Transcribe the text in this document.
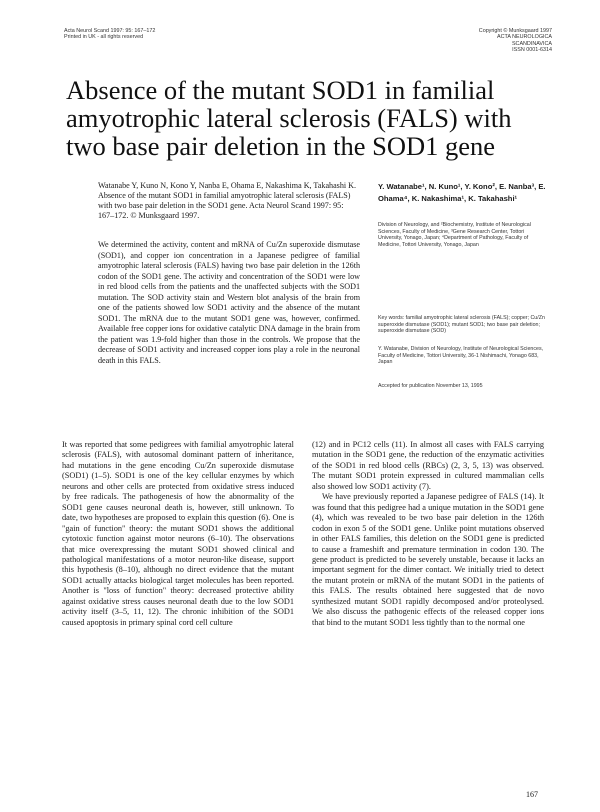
Acta Neurol Scand 1997: 95: 167–172
Printed in UK - all rights reserved
Copyright © Munksgaard 1997
ACTA NEUROLOGICA
SCANDINAVICA
ISSN 0001-6314
Absence of the mutant SOD1 in familial amyotrophic lateral sclerosis (FALS) with two base pair deletion in the SOD1 gene
Watanabe Y, Kuno N, Kono Y, Nanba E, Ohama E, Nakashima K, Takahashi K. Absence of the mutant SOD1 in familial amyotrophic lateral sclerosis (FALS) with two base pair deletion in the SOD1 gene. Acta Neurol Scand 1997: 95: 167–172. © Munksgaard 1997.
We determined the activity, content and mRNA of Cu/Zn superoxide dismutase (SOD1), and copper ion concentration in a Japanese pedigree of familial amyotrophic lateral sclerosis (FALS) having two base pair deletion in the 126th codon of the SOD1 gene. The activity and concentration of the SOD1 were low in red blood cells from the patients and the unaffected subjects with the SOD1 mutation. The SOD activity stain and Western blot analysis of the brain from one of the patients showed low SOD1 activity and the absence of the mutant SOD1. The mRNA due to the mutant SOD1 gene was, however, confirmed. Available free copper ions for oxidative catalytic DNA damage in the brain from the patient was 1.9-fold higher than those in the controls. We propose that the decrease of SOD1 activity and increased copper ions play a role in the neuronal death in this FALS.
Y. Watanabe¹, N. Kuno¹, Y. Kono², E. Nanba³, E. Ohama⁴, K. Nakashima¹, K. Takahashi¹
Division of Neurology, and ²Biochemistry, Institute of Neurological Sciences, Faculty of Medicine, ³Gene Research Center, Tottori University, Yonago, Japan; ⁴Department of Pathology, Faculty of Medicine, Tottori University, Yonago, Japan
Key words: familial amyotrophic lateral sclerosis (FALS); copper; Cu/Zn superoxide dismutase (SOD1); mutant SOD1; two base pair deletion; superoxide dismutase (SOD)
Y. Watanabe, Division of Neurology, Institute of Neurological Sciences, Faculty of Medicine, Tottori University, 36-1 Nishimachi, Yonago 683, Japan
Accepted for publication November 13, 1995

It was reported that some pedigrees with familial amyotrophic lateral sclerosis (FALS), with autosomal dominant pattern of inheritance, had mutations in the gene encoding Cu/Zn superoxide dismutase (SOD1) (1–5). SOD1 is one of the key cellular enzymes by which neurons and other cells are protected from oxidative stress induced by free radicals. The pathogenesis of how the abnormality of the SOD1 gene causes neuronal death is, however, still unknown. To date, two hypotheses are proposed to explain this question (6). One is "gain of function" theory: the mutant SOD1 shows the additional cytotoxic function against motor neurons (6–10). The observations that mice overexpressing the mutant SOD1 showed clinical and pathological manifestations of a motor neuron-like disease, support this hypothesis (8–10), although no direct evidence that the mutant SOD1 actually attacks biological target molecules has been reported. Another is "loss of function" theory: decreased protective ability against oxidative stress causes neuronal death due to the low SOD1 activity itself (3–5, 11, 12). The chronic inhibition of the SOD1 caused apoptosis in primary spinal cord cell culture

(12) and in PC12 cells (11). In almost all cases with FALS carrying mutation in the SOD1 gene, the reduction of the enzymatic activities of the SOD1 in red blood cells (RBCs) (2, 3, 5, 13) was observed. The mutant SOD1 protein expressed in cultured mammalian cells also showed low SOD1 activity (7).

We have previously reported a Japanese pedigree of FALS (14). It was found that this pedigree had a unique mutation in the SOD1 gene (4), which was revealed to be two base pair deletion in the 126th codon in exon 5 of the SOD1 gene. Unlike point mutations observed in other FALS families, this deletion on the SOD1 gene is predicted to cause a frameshift and premature termination in codon 130. The gene product is predicted to be severely unstable, because it lacks an important segment for the dimer contact. We initially tried to detect the mutant protein or mRNA of the mutant SOD1 in the patients of this FALS. The results obtained here suggested that de novo synthesized mutant SOD1 rapidly decomposed and/or proteolysed. We also discuss the pathogenic effects of the released copper ions that bind to the mutant SOD1 less tightly than to the normal one

167
